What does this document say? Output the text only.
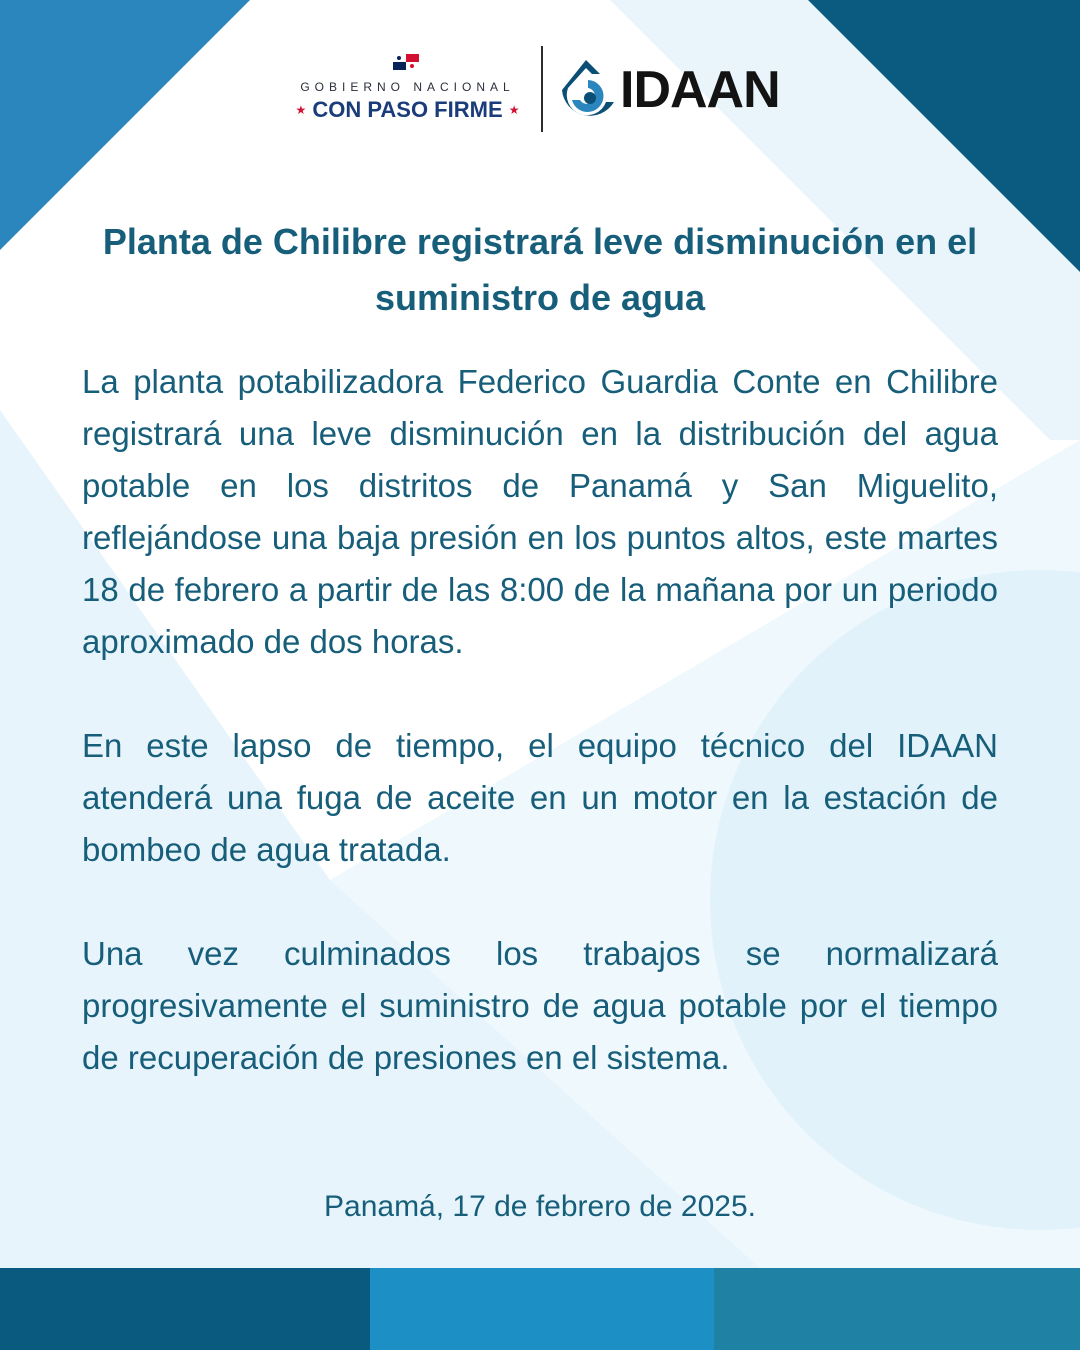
GOBIERNO NACIONAL
★ CON PASO FIRME ★ IDAAN
Planta de Chilibre registrará leve disminución en el suministro de agua

La planta potabilizadora Federico Guardia Conte en Chilibre registrará una leve disminución en la distribución del agua potable en los distritos de Panamá y San Miguelito, reflejándose una baja presión en los puntos altos, este martes 18 de febrero a partir de las 8:00 de la mañana por un periodo aproximado de dos horas.

En este lapso de tiempo, el equipo técnico del IDAAN atenderá una fuga de aceite en un motor en la estación de bombeo de agua tratada.

Una vez culminados los trabajos se normalizará progresivamente el suministro de agua potable por el tiempo de recuperación de presiones en el sistema.

Panamá, 17 de febrero de 2025.
